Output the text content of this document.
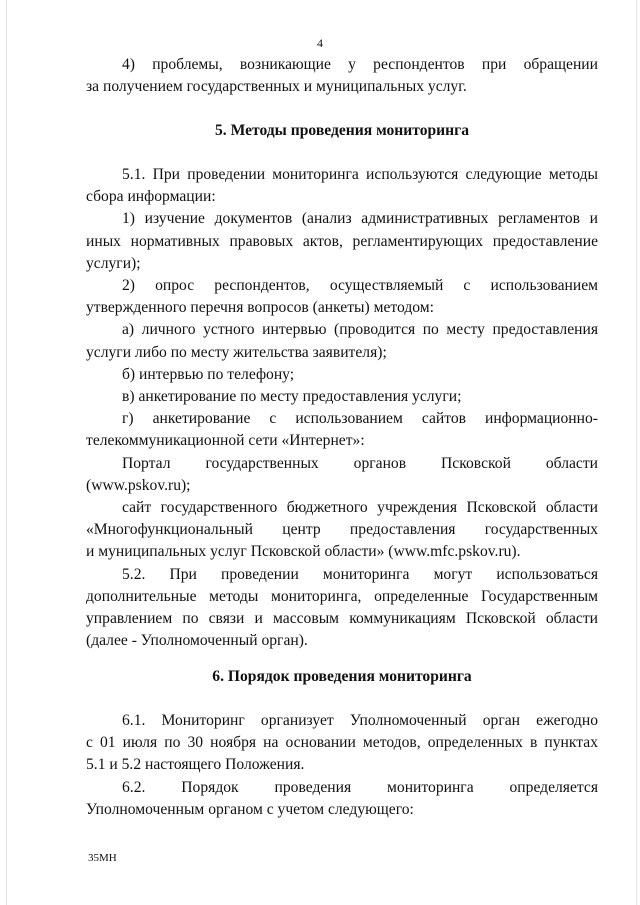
4

4) проблемы, возникающие у респондентов при обращении

за получением государственных и муниципальных услуг.

5. Методы проведения мониторинга

5.1. При проведении мониторинга используются следующие методы

сбора информации:

1) изучение документов (анализ административных регламентов и

иных нормативных правовых актов, регламентирующих предоставление

услуги);

2) опрос респондентов, осуществляемый с использованием

утвержденного перечня вопросов (анкеты) методом:

а) личного устного интервью (проводится по месту предоставления

услуги либо по месту жительства заявителя);

б) интервью по телефону;

в) анкетирование по месту предоставления услуги;

г) анкетирование с использованием сайтов информационно-

телекоммуникационной сети «Интернет»:

Портал государственных органов Псковской области

(www.pskov.ru);

сайт государственного бюджетного учреждения Псковской области

«Многофункциональный центр предоставления государственных

и муниципальных услуг Псковской области» (www.mfc.pskov.ru).

5.2. При проведении мониторинга могут использоваться

дополнительные методы мониторинга, определенные Государственным

управлением по связи и массовым коммуникациям Псковской области

(далее - Уполномоченный орган).

6. Порядок проведения мониторинга

6.1. Мониторинг организует Уполномоченный орган ежегодно

с 01 июля по 30 ноября на основании методов, определенных в пунктах

5.1 и 5.2 настоящего Положения.

6.2. Порядок проведения мониторинга определяется

Уполномоченным органом с учетом следующего:

35МН
